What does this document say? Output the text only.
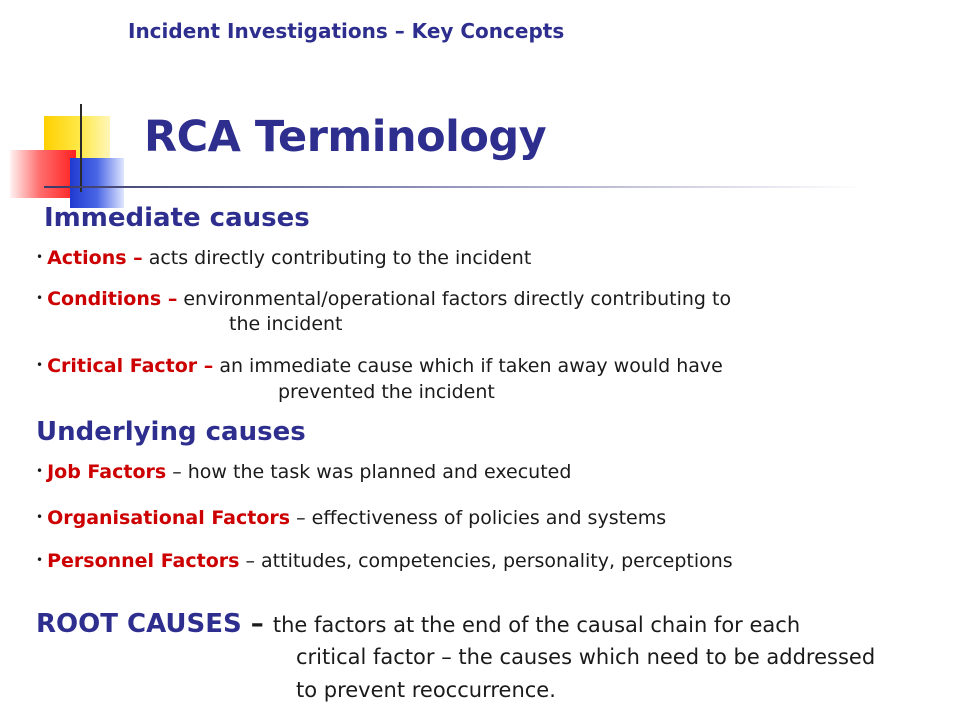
Incident Investigations – Key Concepts
RCA Terminology
Immediate causes
• Actions – acts directly contributing to the incident
• Conditions – environmental/operational factors directly contributing to
the incident
• Critical Factor – an immediate cause which if taken away would have
prevented the incident
Underlying causes
• Job Factors – how the task was planned and executed
• Organisational Factors – effectiveness of policies and systems
• Personnel Factors – attitudes, competencies, personality, perceptions
ROOT CAUSES – the factors at the end of the causal chain for each
critical factor – the causes which need to be addressed
to prevent reoccurrence.
